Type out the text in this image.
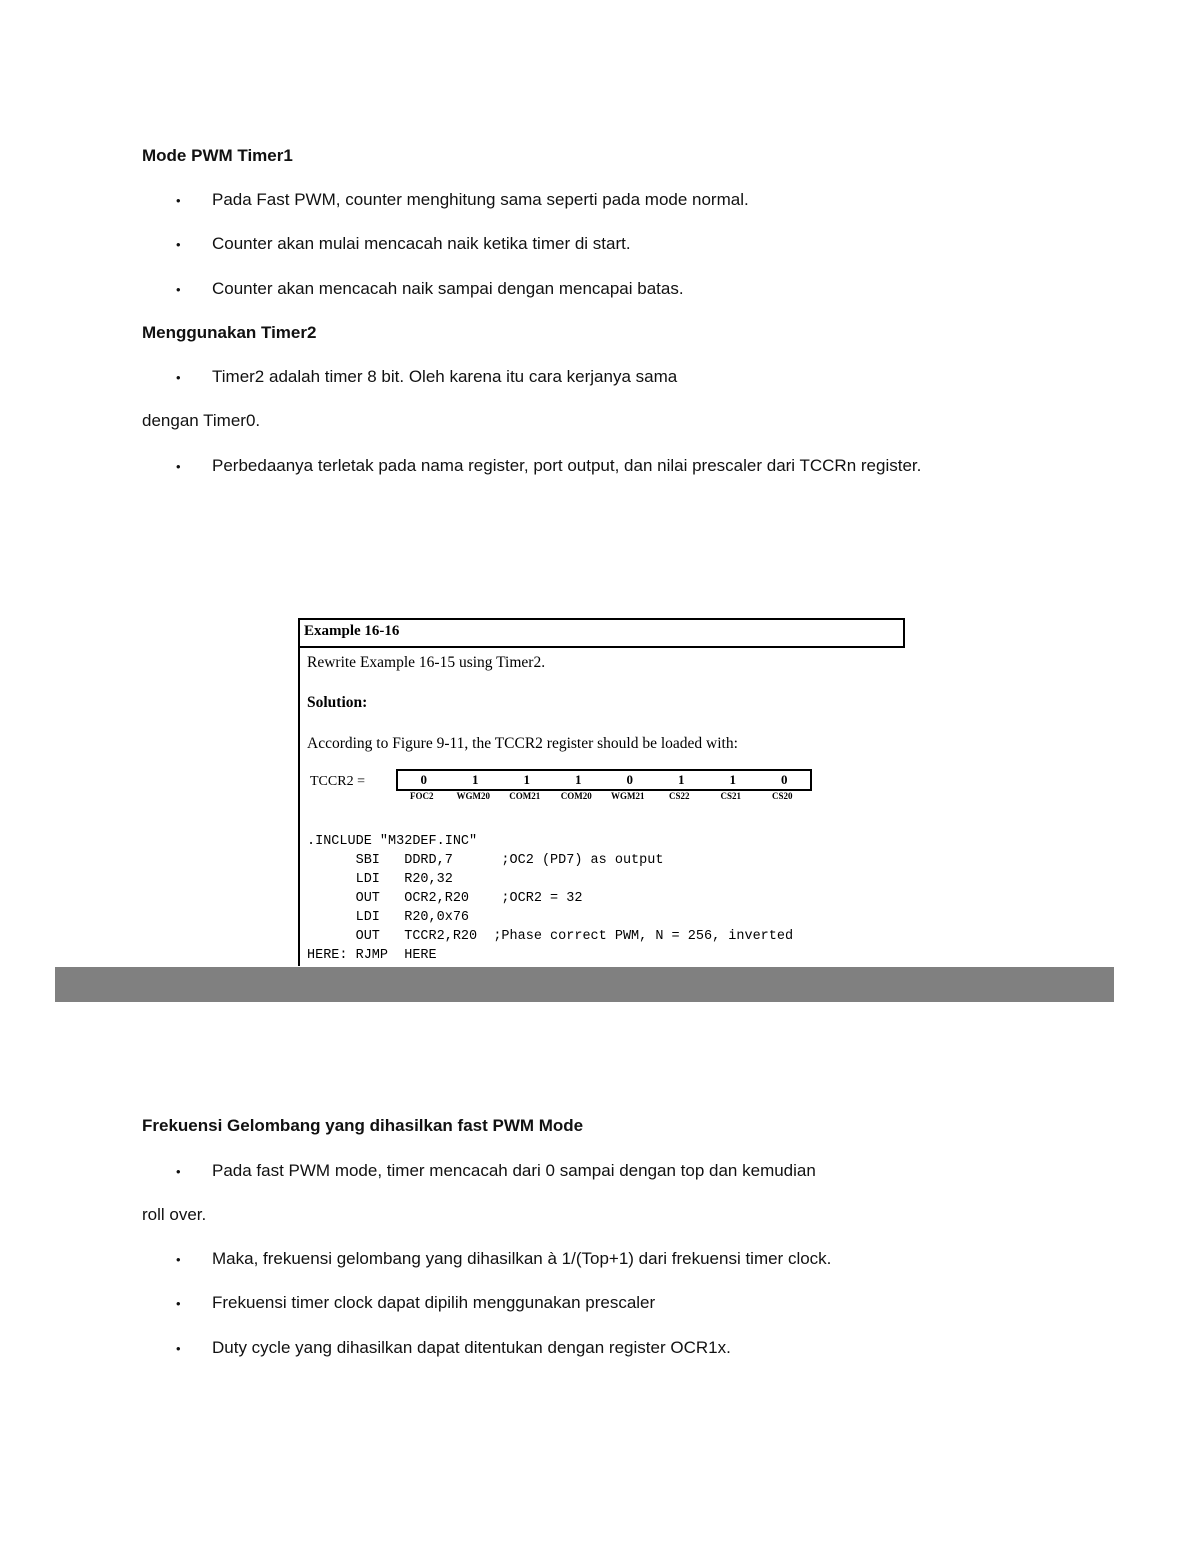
Mode PWM Timer1

•	Pada Fast PWM, counter menghitung sama seperti pada mode normal.
•	Counter akan mulai mencacah naik ketika timer di start.
•	Counter akan mencacah naik sampai dengan mencapai batas.

Menggunakan Timer2

•	Timer2 adalah timer 8 bit. Oleh karena itu cara kerjanya sama
dengan Timer0.
•	Perbedaanya terletak pada nama register, port output, dan nilai prescaler dari TCCRn register.
Example 16-16
Rewrite Example 16-15 using Timer2.
Solution:
According to Figure 9-11, the TCCR2 register should be loaded with:
TCCR2 =	0	1	1	1	0	1	1	0
FOC2	WGM20	COM21	COM20	WGM21	CS22	CS21	CS20
.INCLUDE "M32DEF.INC"
SBI   DDRD,7      ;OC2 (PD7) as output
LDI   R20,32
OUT   OCR2,R20    ;OCR2 = 32
LDI   R20,0x76
OUT   TCCR2,R20  ;Phase correct PWM, N = 256, inverted
HERE: RJMP  HERE

Frekuensi Gelombang yang dihasilkan fast PWM Mode

•	Pada fast PWM mode, timer mencacah dari 0 sampai dengan top dan kemudian
roll over.
•	Maka, frekuensi gelombang yang dihasilkan à 1/(Top+1) dari frekuensi timer clock.
•	Frekuensi timer clock dapat dipilih menggunakan prescaler
•	Duty cycle yang dihasilkan dapat ditentukan dengan register OCR1x.
